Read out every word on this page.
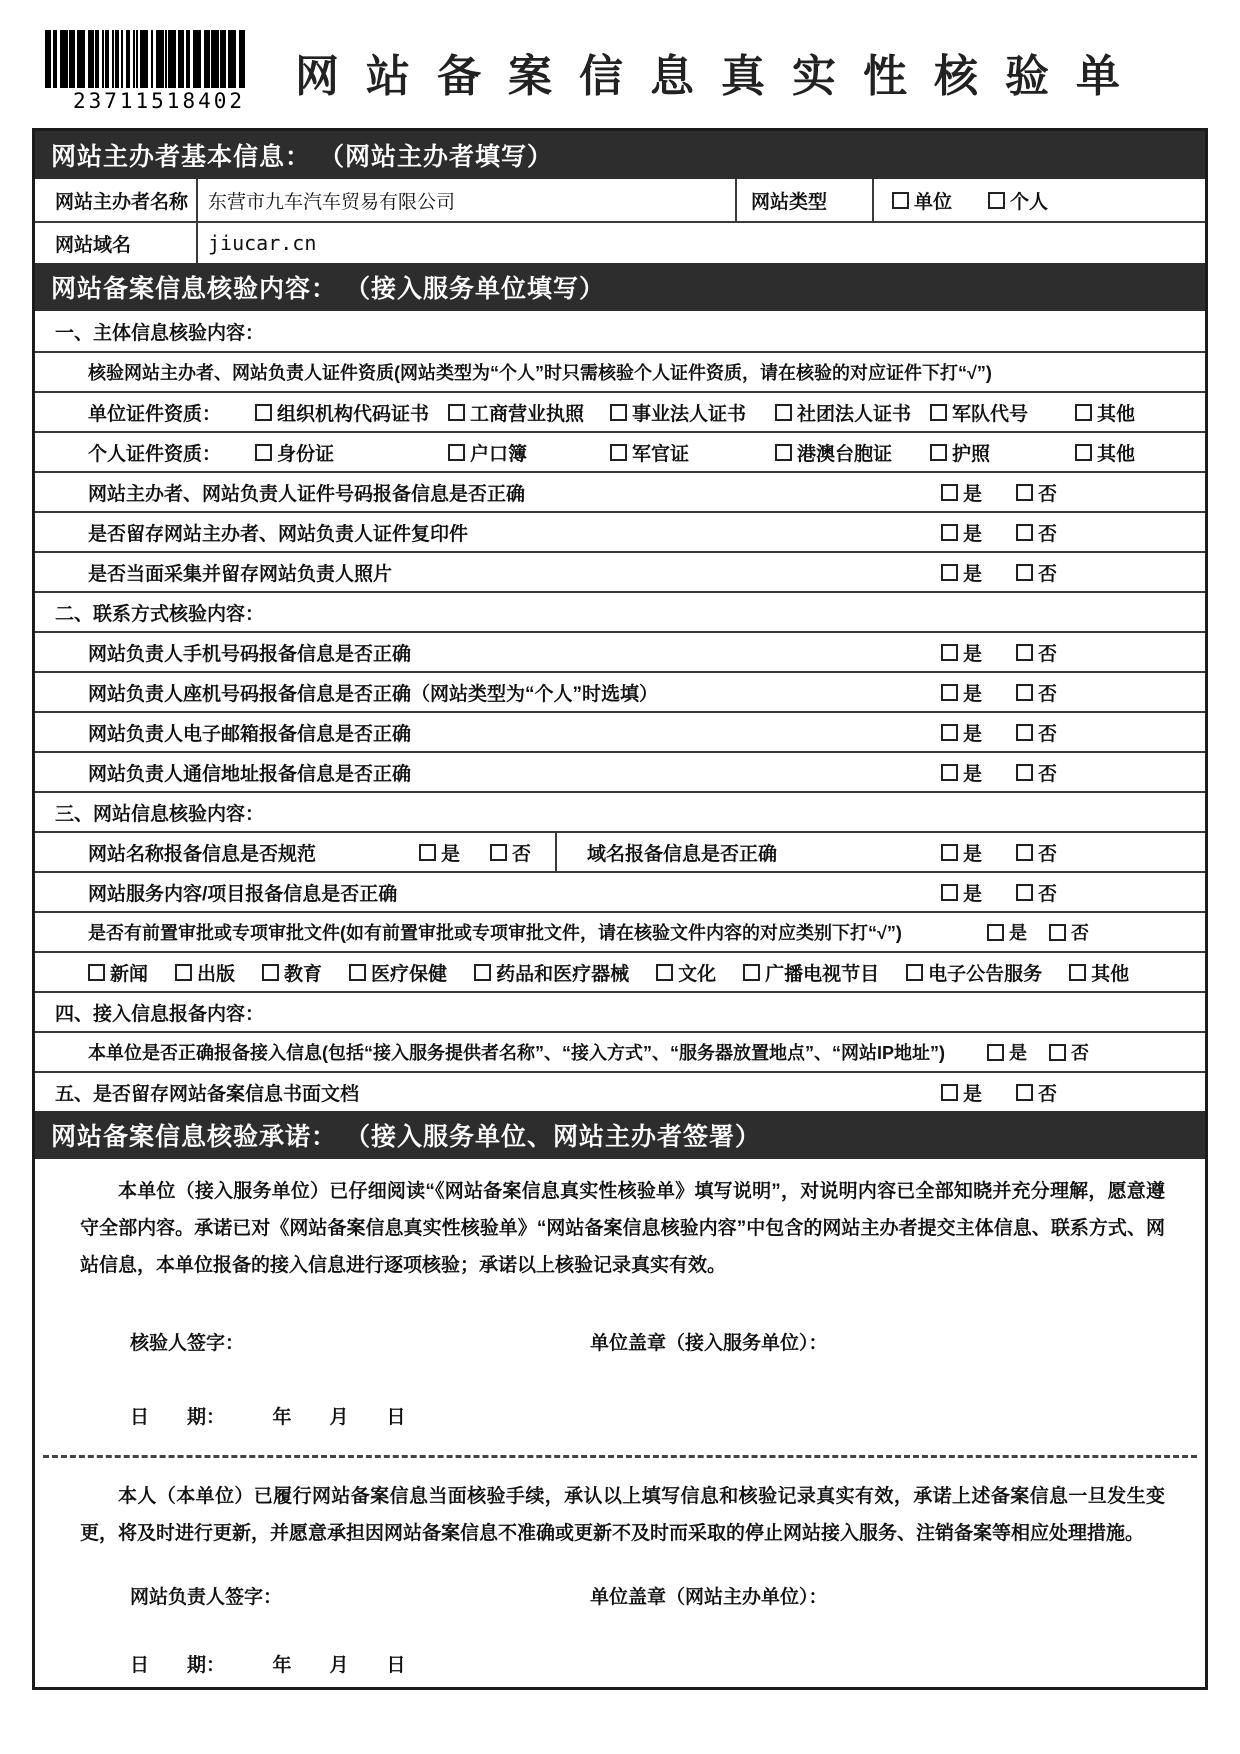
23711518402	网站备案信息真实性核验单
网站主办者基本信息： （网站主办者填写）
网站主办者名称	东营市九车汽车贸易有限公司	网站类型	单位	个人
网站域名	jiucar.cn
网站备案信息核验内容： （接入服务单位填写）
一、主体信息核验内容：
核验网站主办者、网站负责人证件资质(网站类型为“个人”时只需核验个人证件资质，请在核验的对应证件下打“√”)
单位证件资质：	组织机构代码证书 工商营业执照	事业法人证书	社团法人证书 军队代号	其他
个人证件资质：	身份证	户口簿	军官证	港澳台胞证	护照	其他
网站主办者、网站负责人证件号码报备信息是否正确	是	否
是否留存网站主办者、网站负责人证件复印件	是	否
是否当面采集并留存网站负责人照片	是	否
二、联系方式核验内容：
网站负责人手机号码报备信息是否正确	是	否
网站负责人座机号码报备信息是否正确（网站类型为“个人”时选填）	是	否
网站负责人电子邮箱报备信息是否正确	是	否
网站负责人通信地址报备信息是否正确	是	否
三、网站信息核验内容：
网站名称报备信息是否规范	是	否	域名报备信息是否正确	是	否
网站服务内容/项目报备信息是否正确	是	否
是否有前置审批或专项审批文件(如有前置审批或专项审批文件，请在核验文件内容的对应类别下打“√”)	是 否
新闻	出版	教育	医疗保健	药品和医疗器械	文化	广播电视节目	电子公告服务	其他
四、接入信息报备内容：
本单位是否正确报备接入信息(包括“接入服务提供者名称”、“接入方式”、“服务器放置地点”、“网站IP地址”)	是 否
五、是否留存网站备案信息书面文档	是	否
网站备案信息核验承诺： （接入服务单位、网站主办者签署）

本单位（接入服务单位）已仔细阅读“《网站备案信息真实性核验单》填写说明”，对说明内容已全部知晓并充分理解，愿意遵守全部内容。承诺已对《网站备案信息真实性核验单》“网站备案信息核验内容”中包含的网站主办者提交主体信息、联系方式、网站信息，本单位报备的接入信息进行逐项核验；承诺以上核验记录真实有效。

核验人签字：	单位盖章（接入服务单位）：
日　　期：　　　年　　月　　日

本人（本单位）已履行网站备案信息当面核验手续，承认以上填写信息和核验记录真实有效，承诺上述备案信息一旦发生变更，将及时进行更新，并愿意承担因网站备案信息不准确或更新不及时而采取的停止网站接入服务、注销备案等相应处理措施。

网站负责人签字：	单位盖章（网站主办单位）：
日　　期：　　　年　　月　　日
